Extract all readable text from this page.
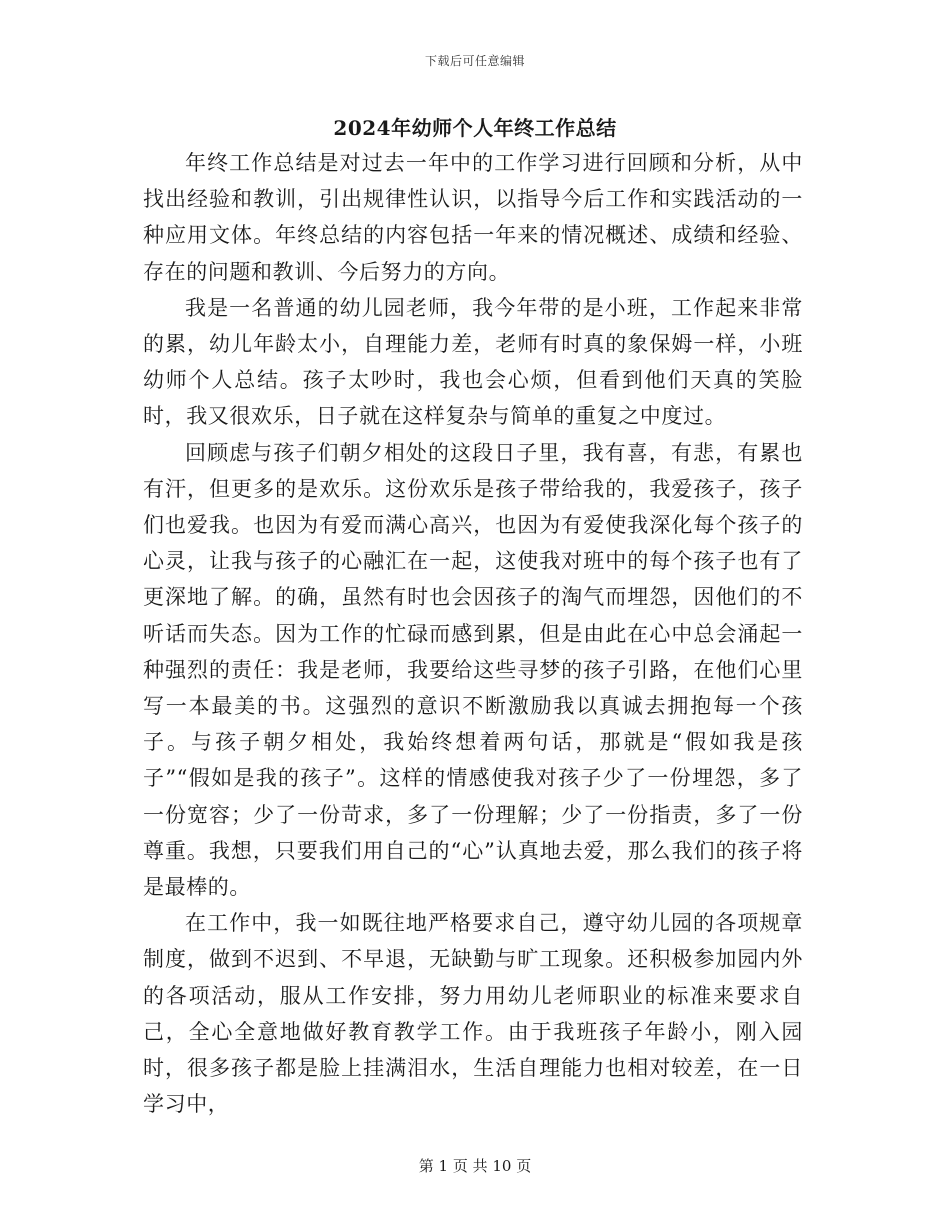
下载后可任意编辑
2024年幼师个人年终工作总结

年终工作总结是对过去一年中的工作学习进行回顾和分析，从中找出经验和教训，引出规律性认识，以指导今后工作和实践活动的一种应用文体。年终总结的内容包括一年来的情况概述、成绩和经验、存在的问题和教训、今后努力的方向。

我是一名普通的幼儿园老师，我今年带的是小班，工作起来非常的累，幼儿年龄太小，自理能力差，老师有时真的象保姆一样，小班幼师个人总结。孩子太吵时，我也会心烦，但看到他们天真的笑脸时，我又很欢乐，日子就在这样复杂与简单的重复之中度过。

回顾虑与孩子们朝夕相处的这段日子里，我有喜，有悲，有累也有汗，但更多的是欢乐。这份欢乐是孩子带给我的，我爱孩子，孩子们也爱我。也因为有爱而满心高兴，也因为有爱使我深化每个孩子的心灵，让我与孩子的心融汇在一起，这使我对班中的每个孩子也有了更深地了解。的确，虽然有时也会因孩子的淘气而埋怨，因他们的不听话而失态。因为工作的忙碌而感到累，但是由此在心中总会涌起一种强烈的责任：我是老师，我要给这些寻梦的孩子引路，在他们心里写一本最美的书。这强烈的意识不断激励我以真诚去拥抱每一个孩子。与孩子朝夕相处，我始终想着两句话，那就是“假如我是孩子”“假如是我的孩子”。这样的情感使我对孩子少了一份埋怨，多了一份宽容；少了一份苛求，多了一份理解；少了一份指责，多了一份尊重。我想，只要我们用自己的“心”认真地去爱，那么我们的孩子将是最棒的。

在工作中，我一如既往地严格要求自己，遵守幼儿园的各项规章制度，做到不迟到、不早退，无缺勤与旷工现象。还积极参加园内外的各项活动，服从工作安排，努力用幼儿老师职业的标准来要求自己，全心全意地做好教育教学工作。由于我班孩子年龄小，刚入园时，很多孩子都是脸上挂满泪水，生活自理能力也相对较差，在一日学习中，

第 1 页 共 10 页
